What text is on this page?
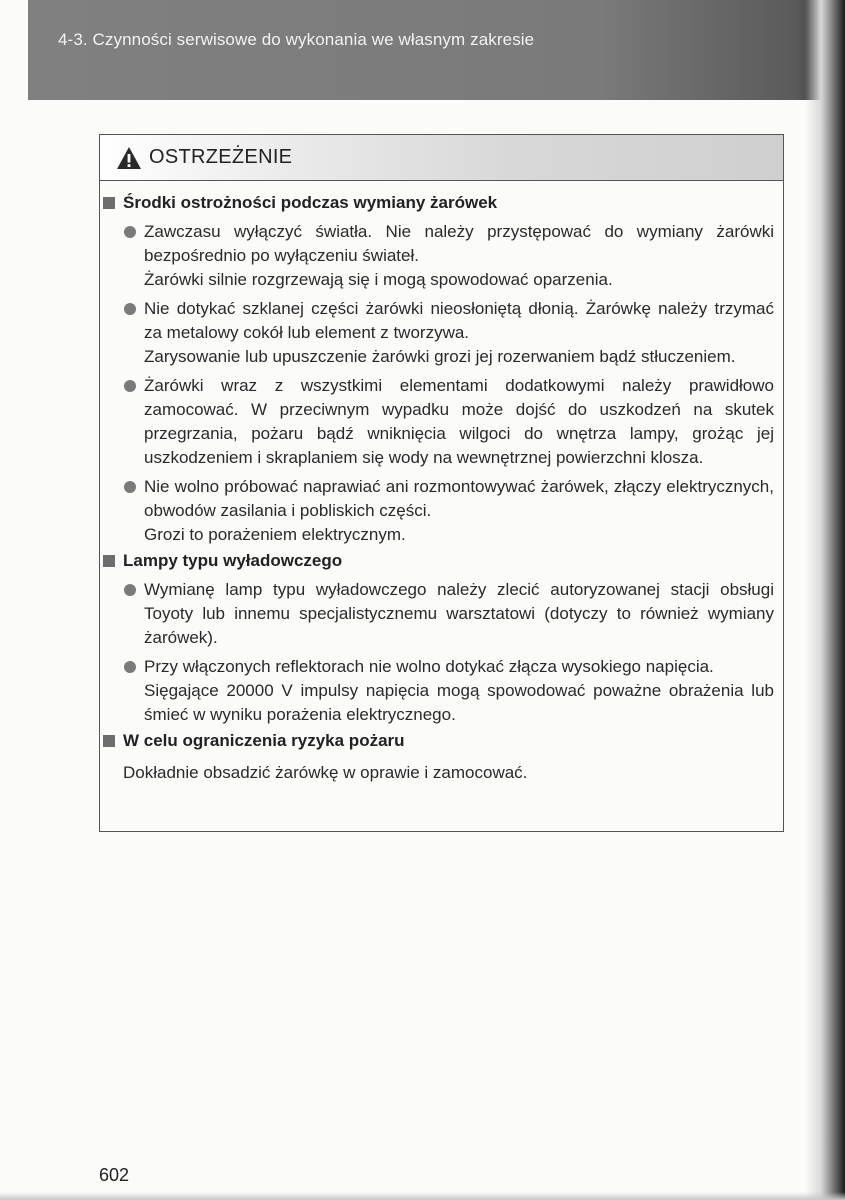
4-3. Czynności serwisowe do wykonania we własnym zakresie
OSTRZEŻENIE
Środki ostrożności podczas wymiany żarówek

Zawczasu wyłączyć światła. Nie należy przystępować do wymiany żarówki bezpośrednio po wyłączeniu świateł.

Żarówki silnie rozgrzewają się i mogą spowodować oparzenia.

Nie dotykać szklanej części żarówki nieosłoniętą dłonią. Żarówkę należy trzymać za metalowy cokół lub element z tworzywa.

Zarysowanie lub upuszczenie żarówki grozi jej rozerwaniem bądź stłuczeniem.

Żarówki wraz z wszystkimi elementami dodatkowymi należy prawidłowo zamocować. W przeciwnym wypadku może dojść do uszkodzeń na skutek przegrzania, pożaru bądź wniknięcia wilgoci do wnętrza lampy, grożąc jej uszkodzeniem i skraplaniem się wody na wewnętrznej powierzchni klosza.

Nie wolno próbować naprawiać ani rozmontowywać żarówek, złączy elektrycznych, obwodów zasilania i pobliskich części.

Grozi to porażeniem elektrycznym.

Lampy typu wyładowczego

Wymianę lamp typu wyładowczego należy zlecić autoryzowanej stacji obsługi Toyoty lub innemu specjalistycznemu warsztatowi (dotyczy to również wymiany żarówek).

Przy włączonych reflektorach nie wolno dotykać złącza wysokiego napięcia.

Sięgające 20000 V impulsy napięcia mogą spowodować poważne obrażenia lub śmieć w wyniku porażenia elektrycznego.

W celu ograniczenia ryzyka pożaru
Dokładnie obsadzić żarówkę w oprawie i zamocować.
602
